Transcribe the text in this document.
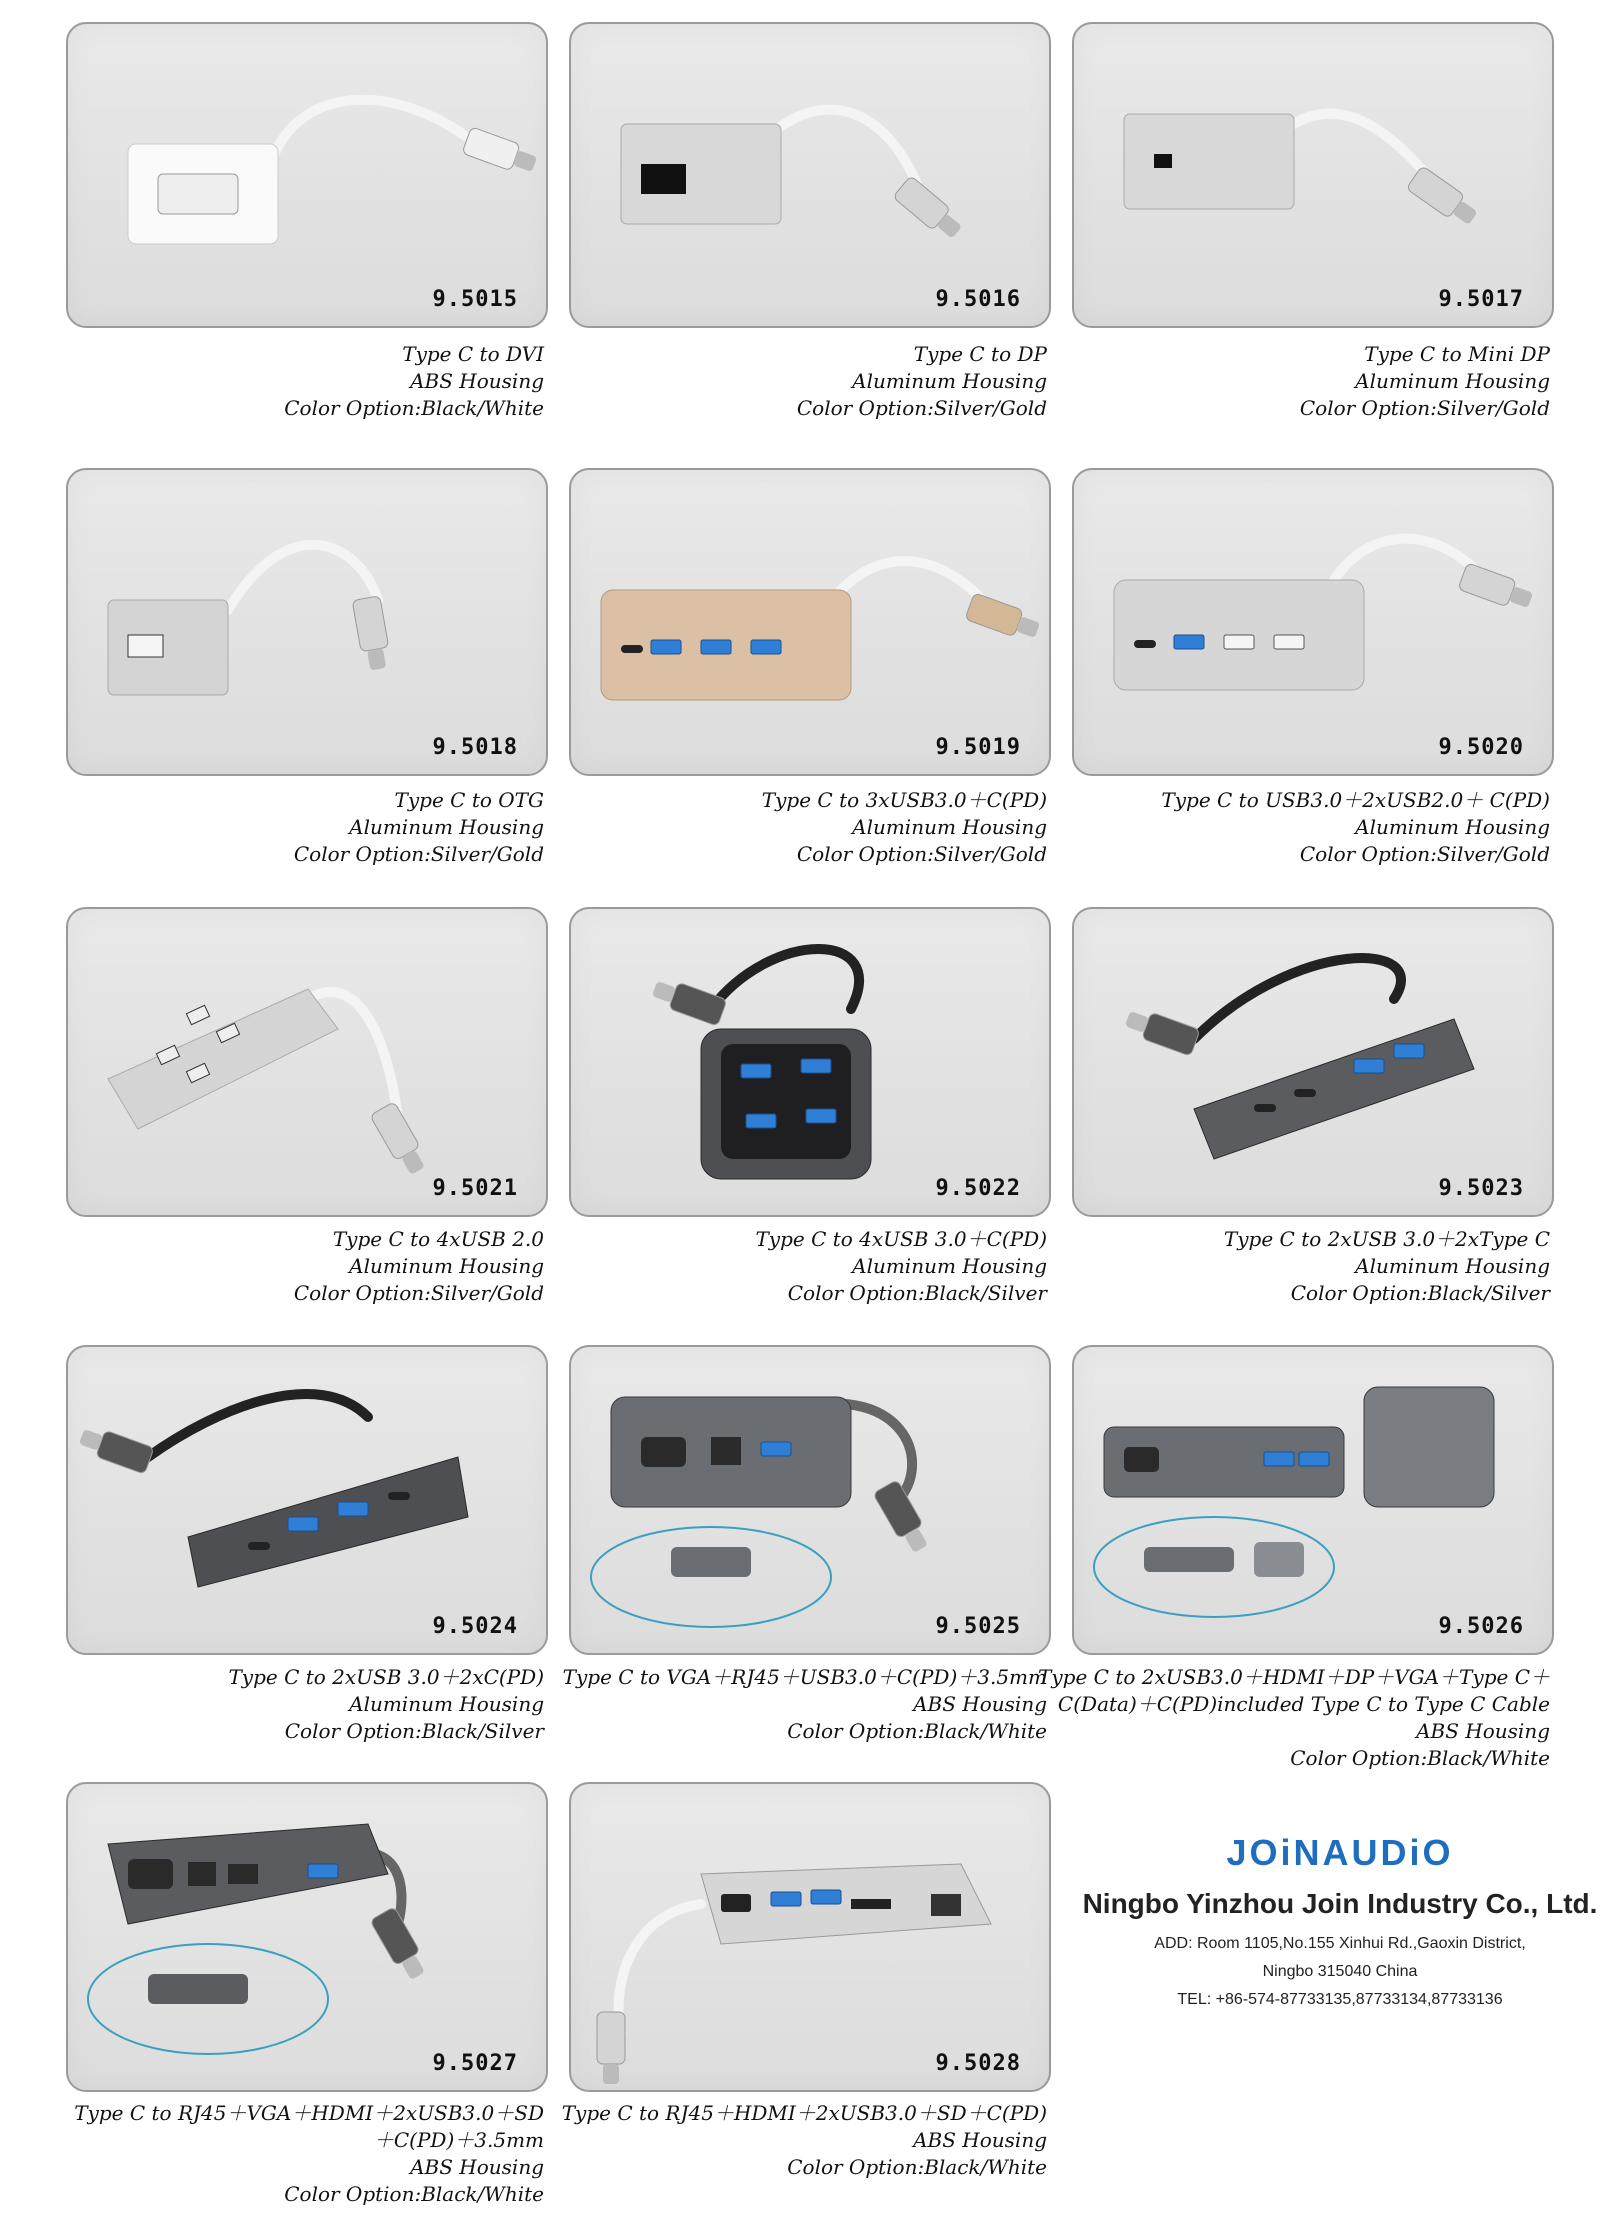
9.5015
Type C to DVI
ABS Housing
Color Option:Black/White
9.5016
Type C to DP
Aluminum Housing
Color Option:Silver/Gold
9.5017
Type C to Mini DP
Aluminum Housing
Color Option:Silver/Gold
9.5018
Type C to OTG
Aluminum Housing
Color Option:Silver/Gold
9.5019
Type C to 3xUSB3.0＋C(PD)
Aluminum Housing
Color Option:Silver/Gold
9.5020
Type C to USB3.0＋2xUSB2.0＋ C(PD)
Aluminum Housing
Color Option:Silver/Gold
9.5021
Type C to 4xUSB 2.0
Aluminum Housing
Color Option:Silver/Gold
9.5022
Type C to 4xUSB 3.0＋C(PD)
Aluminum Housing
Color Option:Black/Silver
9.5023
Type C to 2xUSB 3.0＋2xType C
Aluminum Housing
Color Option:Black/Silver
9.5024
Type C to 2xUSB 3.0＋2xC(PD)
Aluminum Housing
Color Option:Black/Silver
9.5025
Type C to VGA＋RJ45＋USB3.0＋C(PD)＋3.5mm
ABS Housing
Color Option:Black/White
9.5026
Type C to 2xUSB3.0＋HDMI＋DP＋VGA＋Type C＋
C(Data)＋C(PD)included Type C to Type C Cable
ABS Housing
Color Option:Black/White
9.5027
Type C to RJ45＋VGA＋HDMI＋2xUSB3.0＋SD
＋C(PD)＋3.5mm
ABS Housing
Color Option:Black/White
9.5028
Type C to RJ45＋HDMI＋2xUSB3.0＋SD＋C(PD)
ABS Housing
Color Option:Black/White
JOiNAUDiO
Ningbo Yinzhou Join Industry Co., Ltd.
ADD: Room 1105,No.155 Xinhui Rd.,Gaoxin District,
Ningbo 315040 China
TEL: +86-574-87733135,87733134,87733136
